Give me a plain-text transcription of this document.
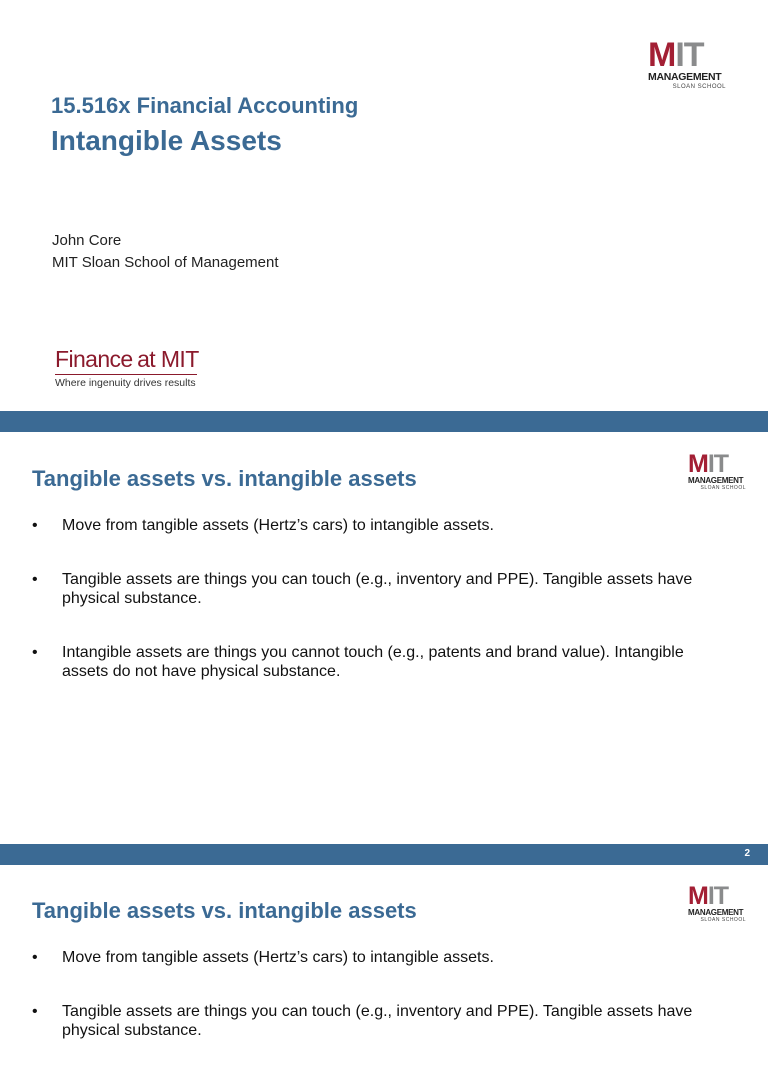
MIT
MANAGEMENT
SLOAN SCHOOL
15.516x Financial Accounting
Intangible Assets
John Core
MIT Sloan School of Management
Finance at MIT
Where ingenuity drives results
MIT
MANAGEMENT
SLOAN SCHOOL
Tangible assets vs. intangible assets
• Move from tangible assets (Hertz’s cars) to intangible assets.
• Tangible assets are things you can touch (e.g., inventory and PPE). Tangible assets have physical substance.
• Intangible assets are things you cannot touch (e.g., patents and brand value). Intangible assets do not have physical substance.
2
MIT
MANAGEMENT
SLOAN SCHOOL
Tangible assets vs. intangible assets
• Move from tangible assets (Hertz’s cars) to intangible assets.
• Tangible assets are things you can touch (e.g., inventory and PPE). Tangible assets have physical substance.
